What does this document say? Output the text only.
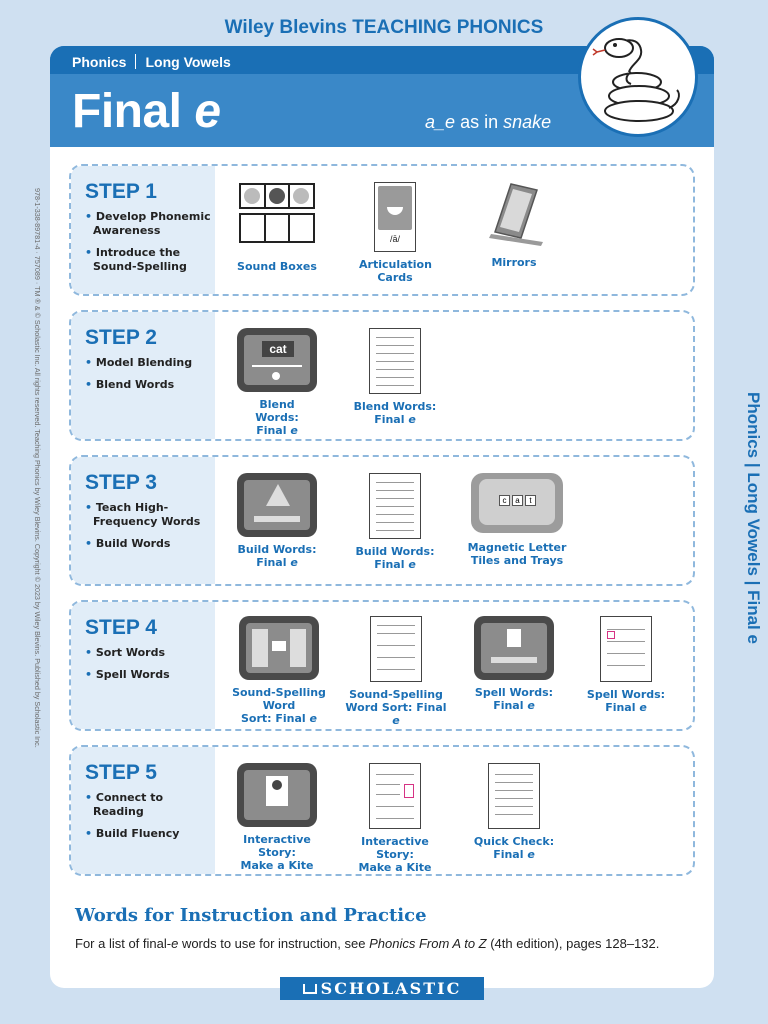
Wiley Blevins TEACHING PHONICS
978-1-338-89781-4 · 757089 · TM ® & © Scholastic Inc. All rights reserved. Teaching Phonics by Wiley Blevins. Copyright © 2023 by Wiley Blevins. Published by Scholastic Inc.	Phonics | Long Vowels | Final e
Phonics Long Vowels
Final e	a_e as in snake
STEP 1
• Develop Phonemic Awareness
• Introduce the Sound-Spelling	Sound Boxes
/ā/
Articulation Cards
Mirrors
STEP 2
• Model Blending
• Blend Words
cat
Blend Words: Final e
Blend Words:
Final e
STEP 3
• Teach High-Frequency Words
• Build Words	Build Words:
Final e
Build Words:
Final e
c	a	t
Magnetic Letter
Tiles and Trays
STEP 4
• Sort Words
• Spell Words
Sound-Spelling Word
Sort: Final e
Sound-Spelling
Word Sort: Final e
Spell Words:
Final e
Spell Words:
Final e
STEP 5
• Connect to Reading
• Build Fluency	Interactive Story:
Make a Kite
Interactive Story:
Make a Kite
Quick Check:
Final e
Words for Instruction and Practice
For a list of final-e words to use for instruction, see Phonics From A to Z (4th edition), pages 128–132.
SCHOLASTIC
